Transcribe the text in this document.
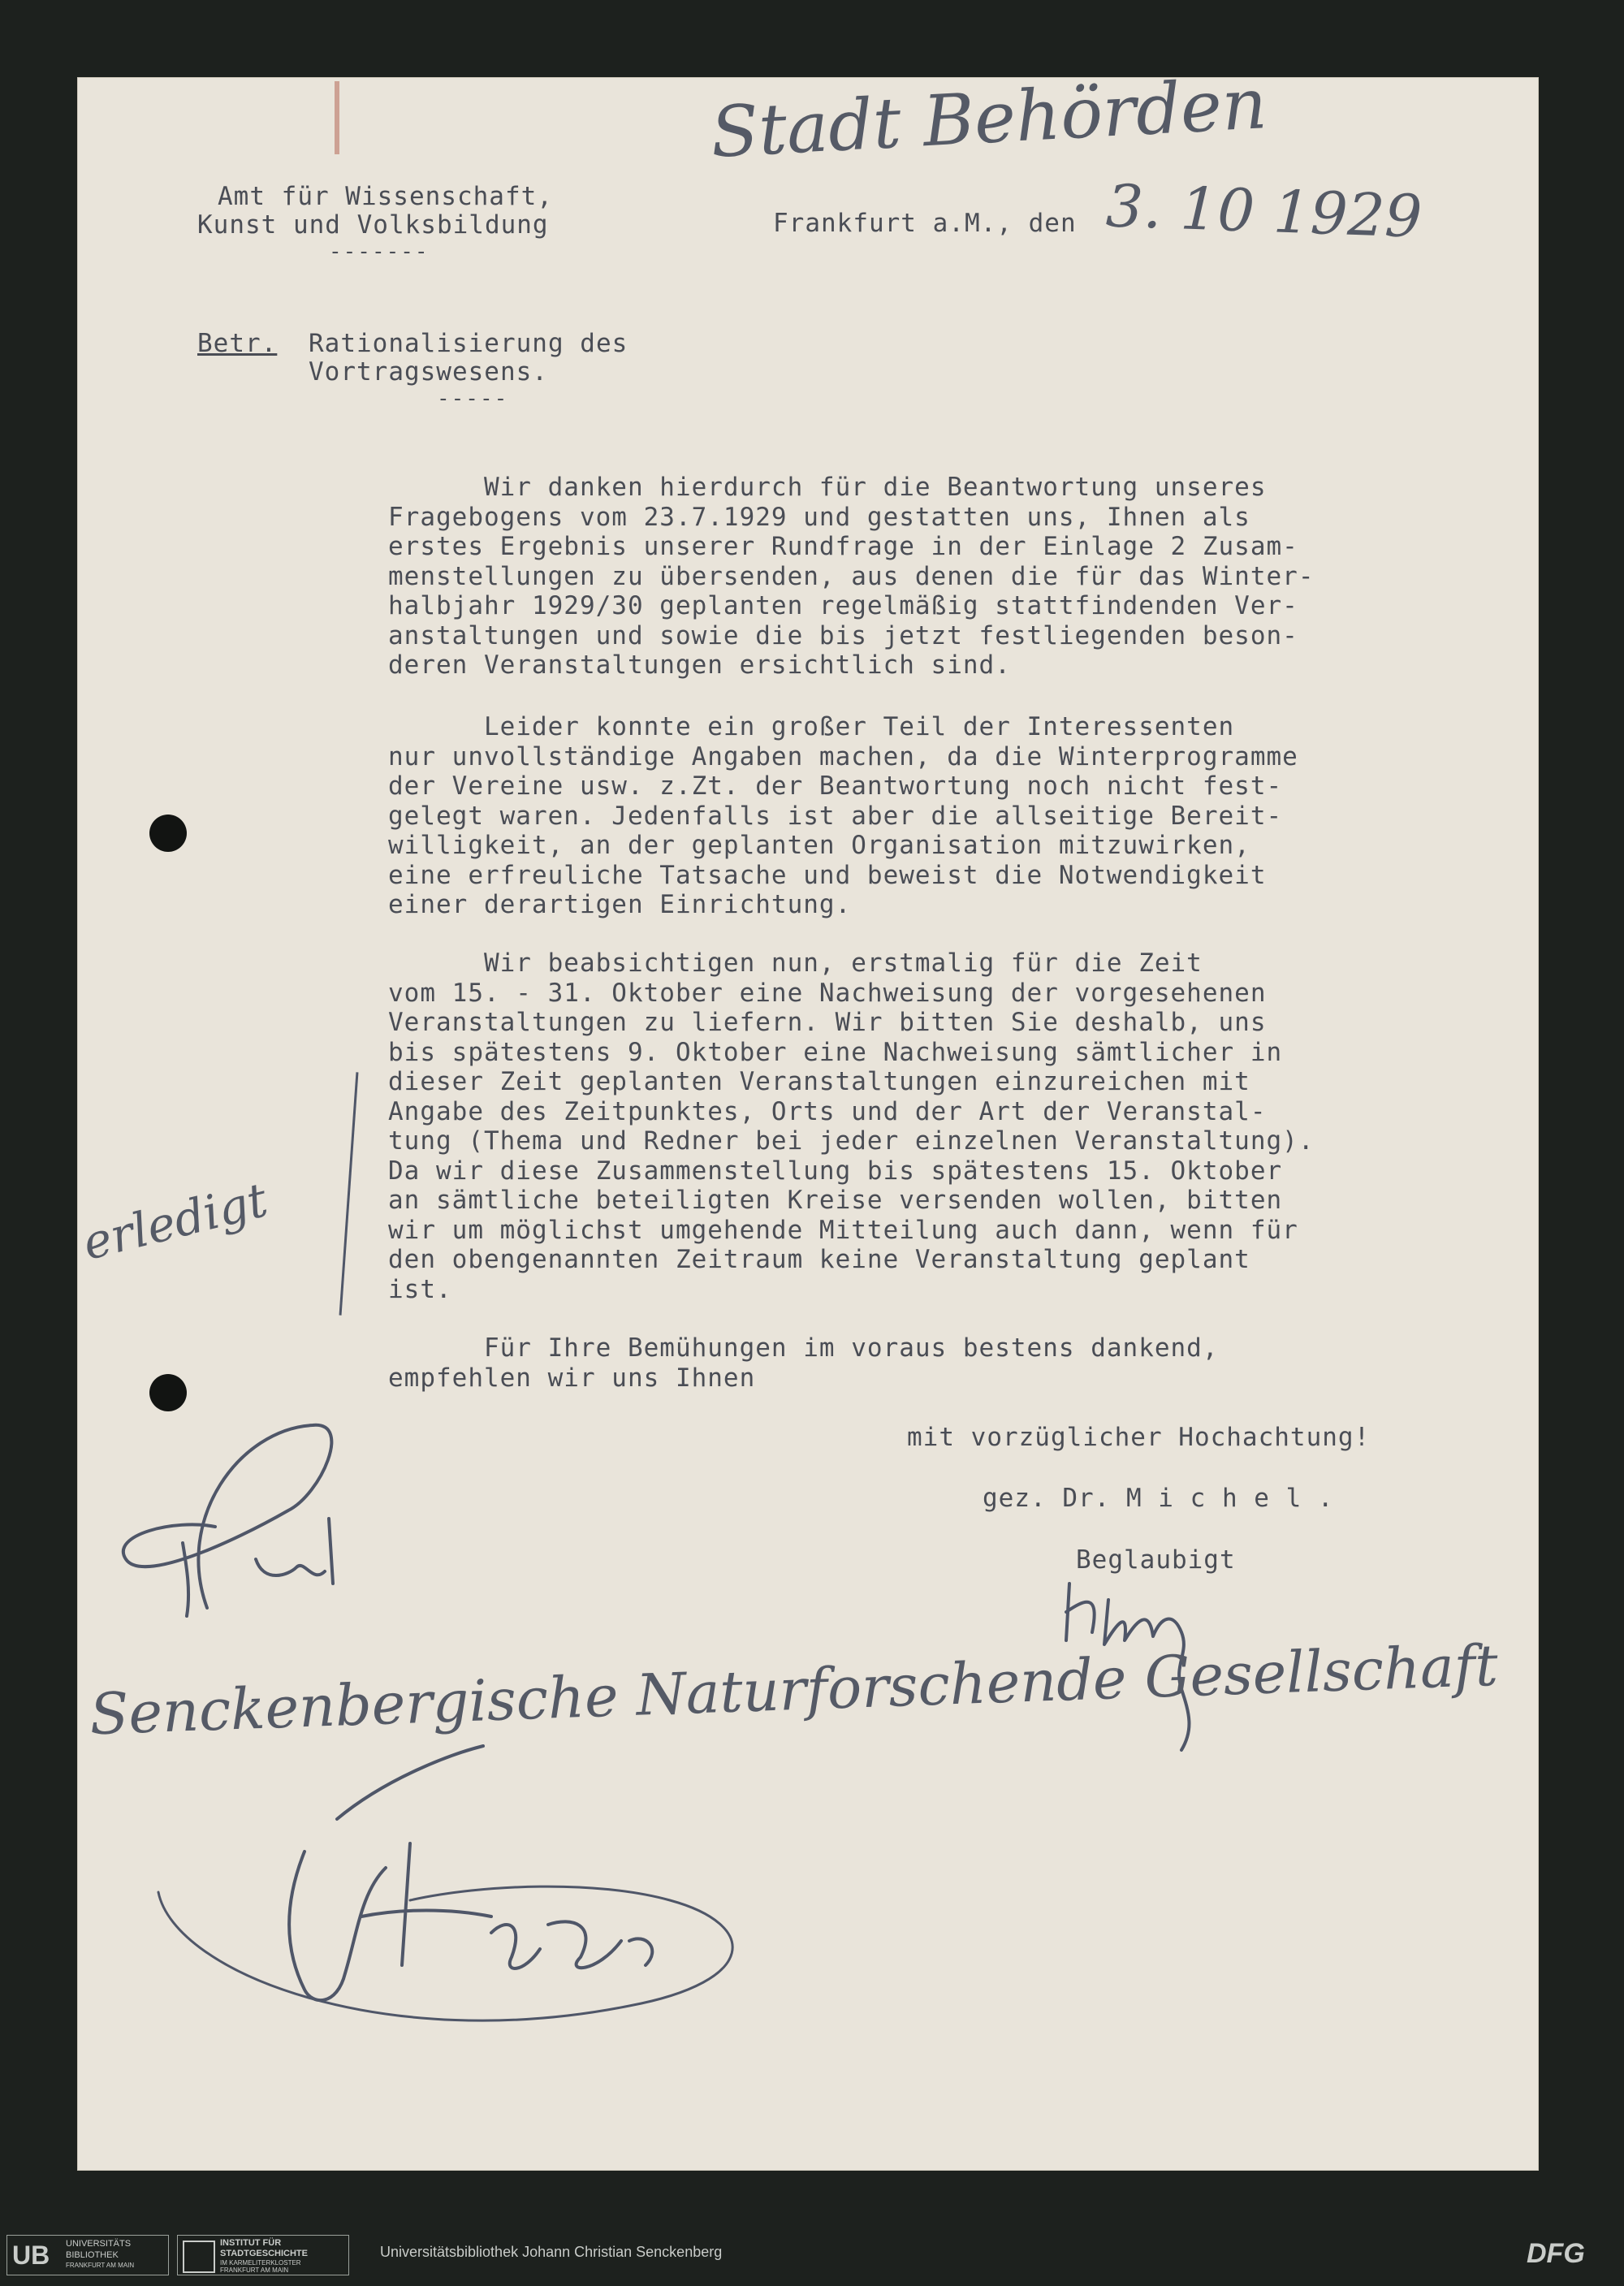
Stadt Behörden
Amt für Wissenschaft,
Kunst und Volksbildung
-------
Frankfurt a.M., den 3. 10 1929
Betr. Rationalisierung des
Vortragswesens.
-----
Wir danken hierdurch für die Beantwortung unseres
Fragebogens vom 23.7.1929 und gestatten uns, Ihnen als
erstes Ergebnis unserer Rundfrage in der Einlage 2 Zusam-
menstellungen zu übersenden, aus denen die für das Winter-
halbjahr 1929/30 geplanten regelmäßig stattfindenden Ver-
anstaltungen und sowie die bis jetzt festliegenden beson-
deren Veranstaltungen ersichtlich sind.
Leider konnte ein großer Teil der Interessenten
nur unvollständige Angaben machen, da die Winterprogramme
der Vereine usw. z.Zt. der Beantwortung noch nicht fest-
gelegt waren. Jedenfalls ist aber die allseitige Bereit-
willigkeit, an der geplanten Organisation mitzuwirken,
eine erfreuliche Tatsache und beweist die Notwendigkeit
einer derartigen Einrichtung.
Wir beabsichtigen nun, erstmalig für die Zeit
vom 15. - 31. Oktober eine Nachweisung der vorgesehenen
Veranstaltungen zu liefern. Wir bitten Sie deshalb, uns
bis spätestens 9. Oktober eine Nachweisung sämtlicher in
dieser Zeit geplanten Veranstaltungen einzureichen mit
Angabe des Zeitpunktes, Orts und der Art der Veranstal-
tung (Thema und Redner bei jeder einzelnen Veranstaltung).
Da wir diese Zusammenstellung bis spätestens 15. Oktober
an sämtliche beteiligten Kreise versenden wollen, bitten
wir um möglichst umgehende Mitteilung auch dann, wenn für
den obengenannten Zeitraum keine Veranstaltung geplant
ist.
Für Ihre Bemühungen im voraus bestens dankend,
empfehlen wir uns Ihnen
erledigt
mit vorzüglicher Hochachtung!
gez. Dr. M i c h e l .
Beglaubigt
Senckenbergische Naturforschende Gesellschaft
UB UNIVERSITÄTS
BIBLIOTHEK
FRANKFURT AM MAIN
INSTITUT FÜR
STADTGESCHICHTE
IM KARMELITERKLOSTER
FRANKFURT AM MAIN
Universitätsbibliothek Johann Christian Senckenberg	DFG
